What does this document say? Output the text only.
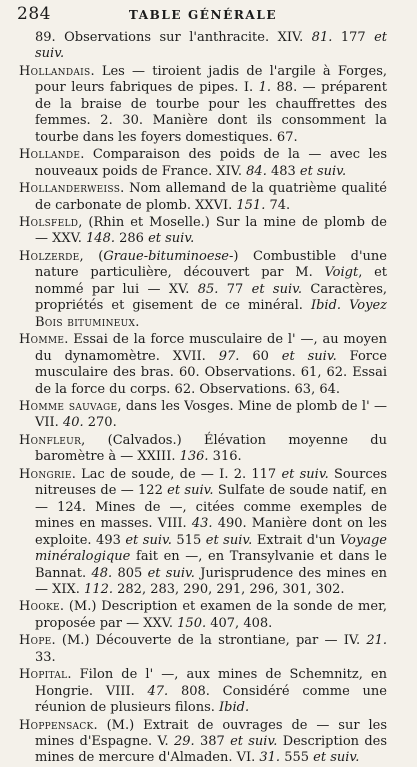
284	TABLE GÉNÉRALE

89. Observations sur l'anthracite. XIV. 81. 177 et suiv.

Hollandais. Les — tiroient jadis de l'argile à Forges, pour leurs fabriques de pipes. I. 1. 88. — préparent de la braise de tourbe pour les chauffrettes des femmes. 2. 30. Manière dont ils consomment la tourbe dans les foyers domestiques. 67.

Hollande. Comparaison des poids de la — avec les nouveaux poids de France. XIV. 84. 483 et suiv.

Hollanderweiss. Nom allemand de la quatrième qualité de carbonate de plomb. XXVI. 151. 74.

Holsfeld, (Rhin et Moselle.) Sur la mine de plomb de — XXV. 148. 286 et suiv.

Holzerde, (Graue-bituminoese-) Combustible d'une nature particulière, découvert par M. Voigt, et nommé par lui — XV. 85. 77 et suiv. Caractères, propriétés et gisement de ce minéral. Ibid. Voyez Bois bitumineux.

Homme. Essai de la force musculaire de l' —, au moyen du dynamomètre. XVII. 97. 60 et suiv. Force musculaire des bras. 60. Observations. 61, 62. Essai de la force du corps. 62. Observations. 63, 64.

Homme sauvage, dans les Vosges. Mine de plomb de l' — VII. 40. 270.

Honfleur, (Calvados.) Élévation moyenne du baromètre à — XXIII. 136. 316.

Hongrie. Lac de soude, de — I. 2. 117 et suiv. Sources nitreuses de — 122 et suiv. Sulfate de soude natif, en — 124. Mines de —, citées comme exemples de mines en masses. VIII. 43. 490. Manière dont on les exploite. 493 et suiv. 515 et suiv. Extrait d'un Voyage minéralogique fait en —, en Transylvanie et dans le Bannat. 48. 805 et suiv. Jurisprudence des mines en — XIX. 112. 282, 283, 290, 291, 296, 301, 302.

Hooke. (M.) Description et examen de la sonde de mer, proposée par — XXV. 150. 407, 408.

Hope. (M.) Découverte de la strontiane, par — IV. 21. 33.

Hopital. Filon de l' —, aux mines de Schemnitz, en Hongrie. VIII. 47. 808. Considéré comme une réunion de plusieurs filons. Ibid.

Hoppensack. (M.) Extrait de ouvrages de — sur les mines d'Espagne. V. 29. 387 et suiv. Description des mines de mercure d'Almaden. VI. 31. 555 et suiv.
